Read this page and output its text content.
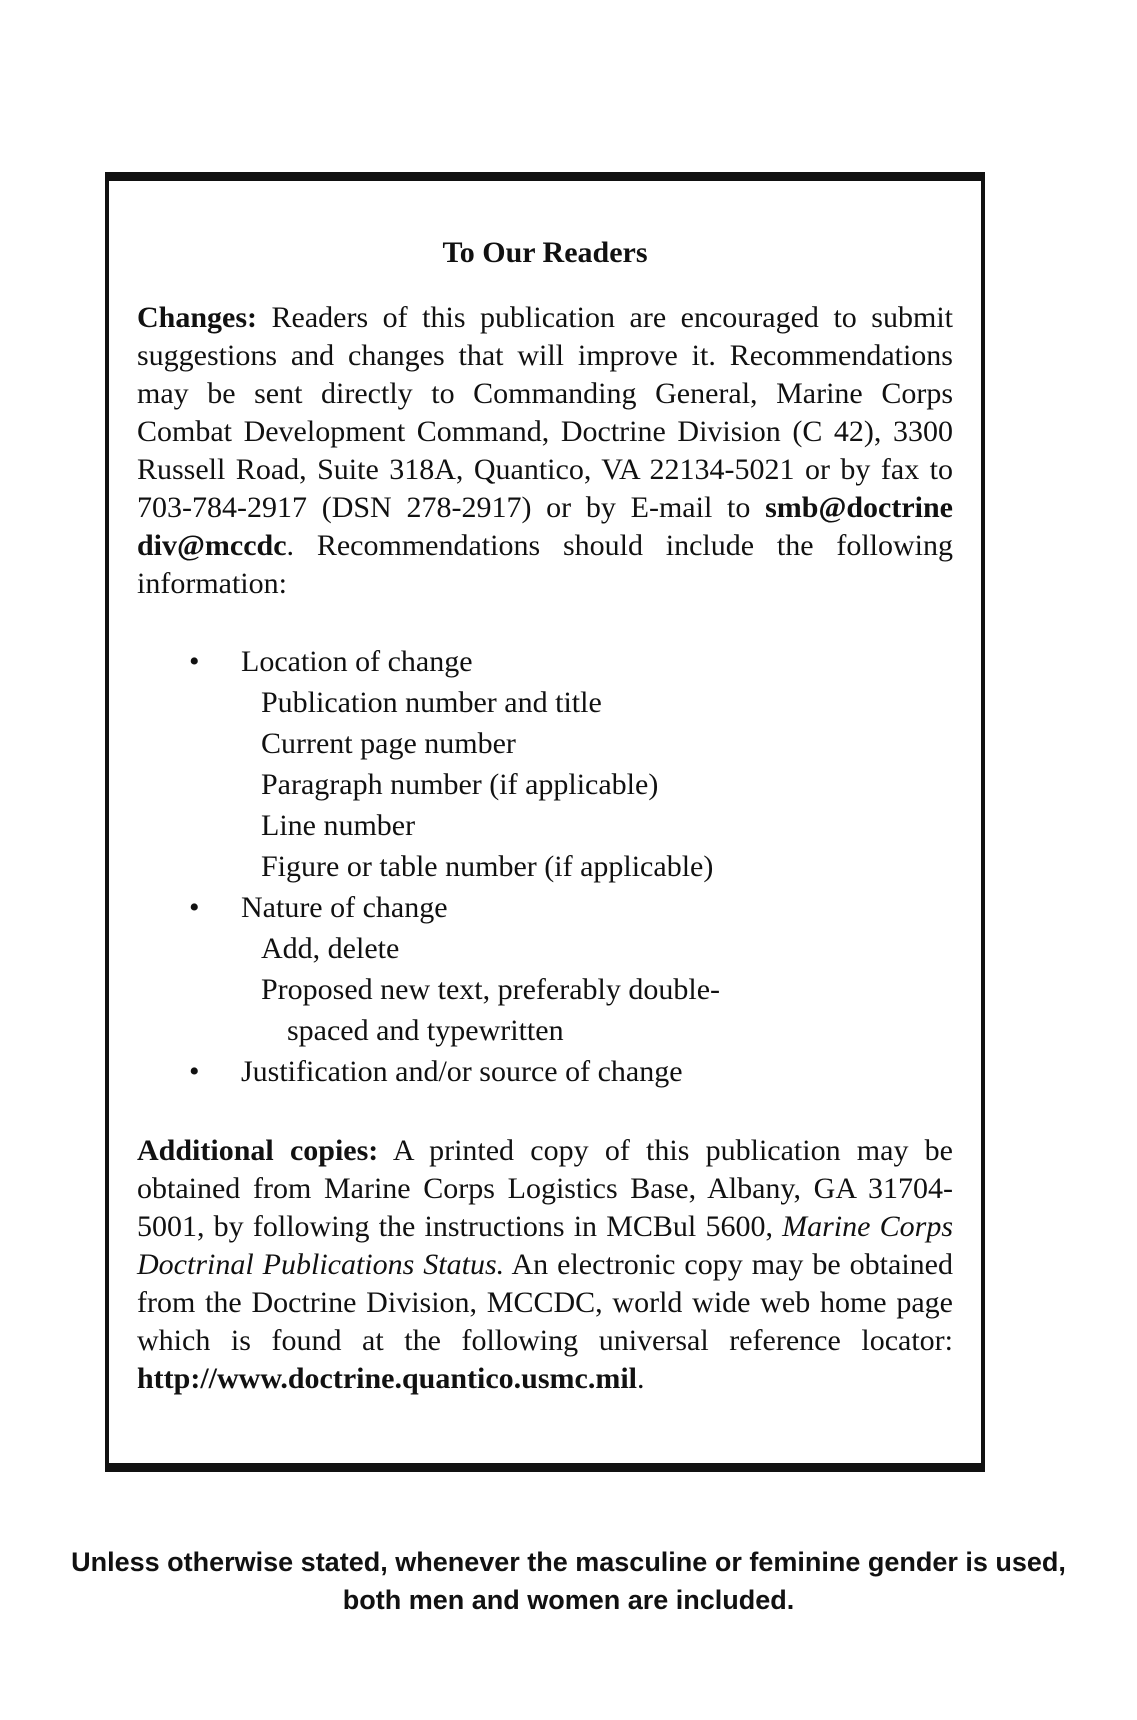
To Our Readers

Changes: Readers of this publication are encouraged to submit suggestions and changes that will improve it. Recommendations may be sent directly to Commanding General, Marine Corps Combat Development Command, Doctrine Division (C 42), 3300 Russell Road, Suite 318A, Quantico, VA 22134-5021 or by fax to 703-784-2917 (DSN 278-2917) or by E-mail to smb@doctrine div@mccdc. Recommendations should include the following information:

• Location of change
Publication number and title
Current page number
Paragraph number (if applicable)
Line number
Figure or table number (if applicable)
• Nature of change
Add, delete
Proposed new text, preferably double-spaced and typewritten
• Justification and/or source of change

Additional copies: A printed copy of this publication may be obtained from Marine Corps Logistics Base, Albany, GA 31704-5001, by following the instructions in MCBul 5600, Marine Corps Doctrinal Publications Status. An electronic copy may be obtained from the Doctrine Division, MCCDC, world wide web home page which is found at the following universal reference locator: http://www.doctrine.quantico.usmc.mil.

Unless otherwise stated, whenever the masculine or feminine gender is used, both men and women are included.
